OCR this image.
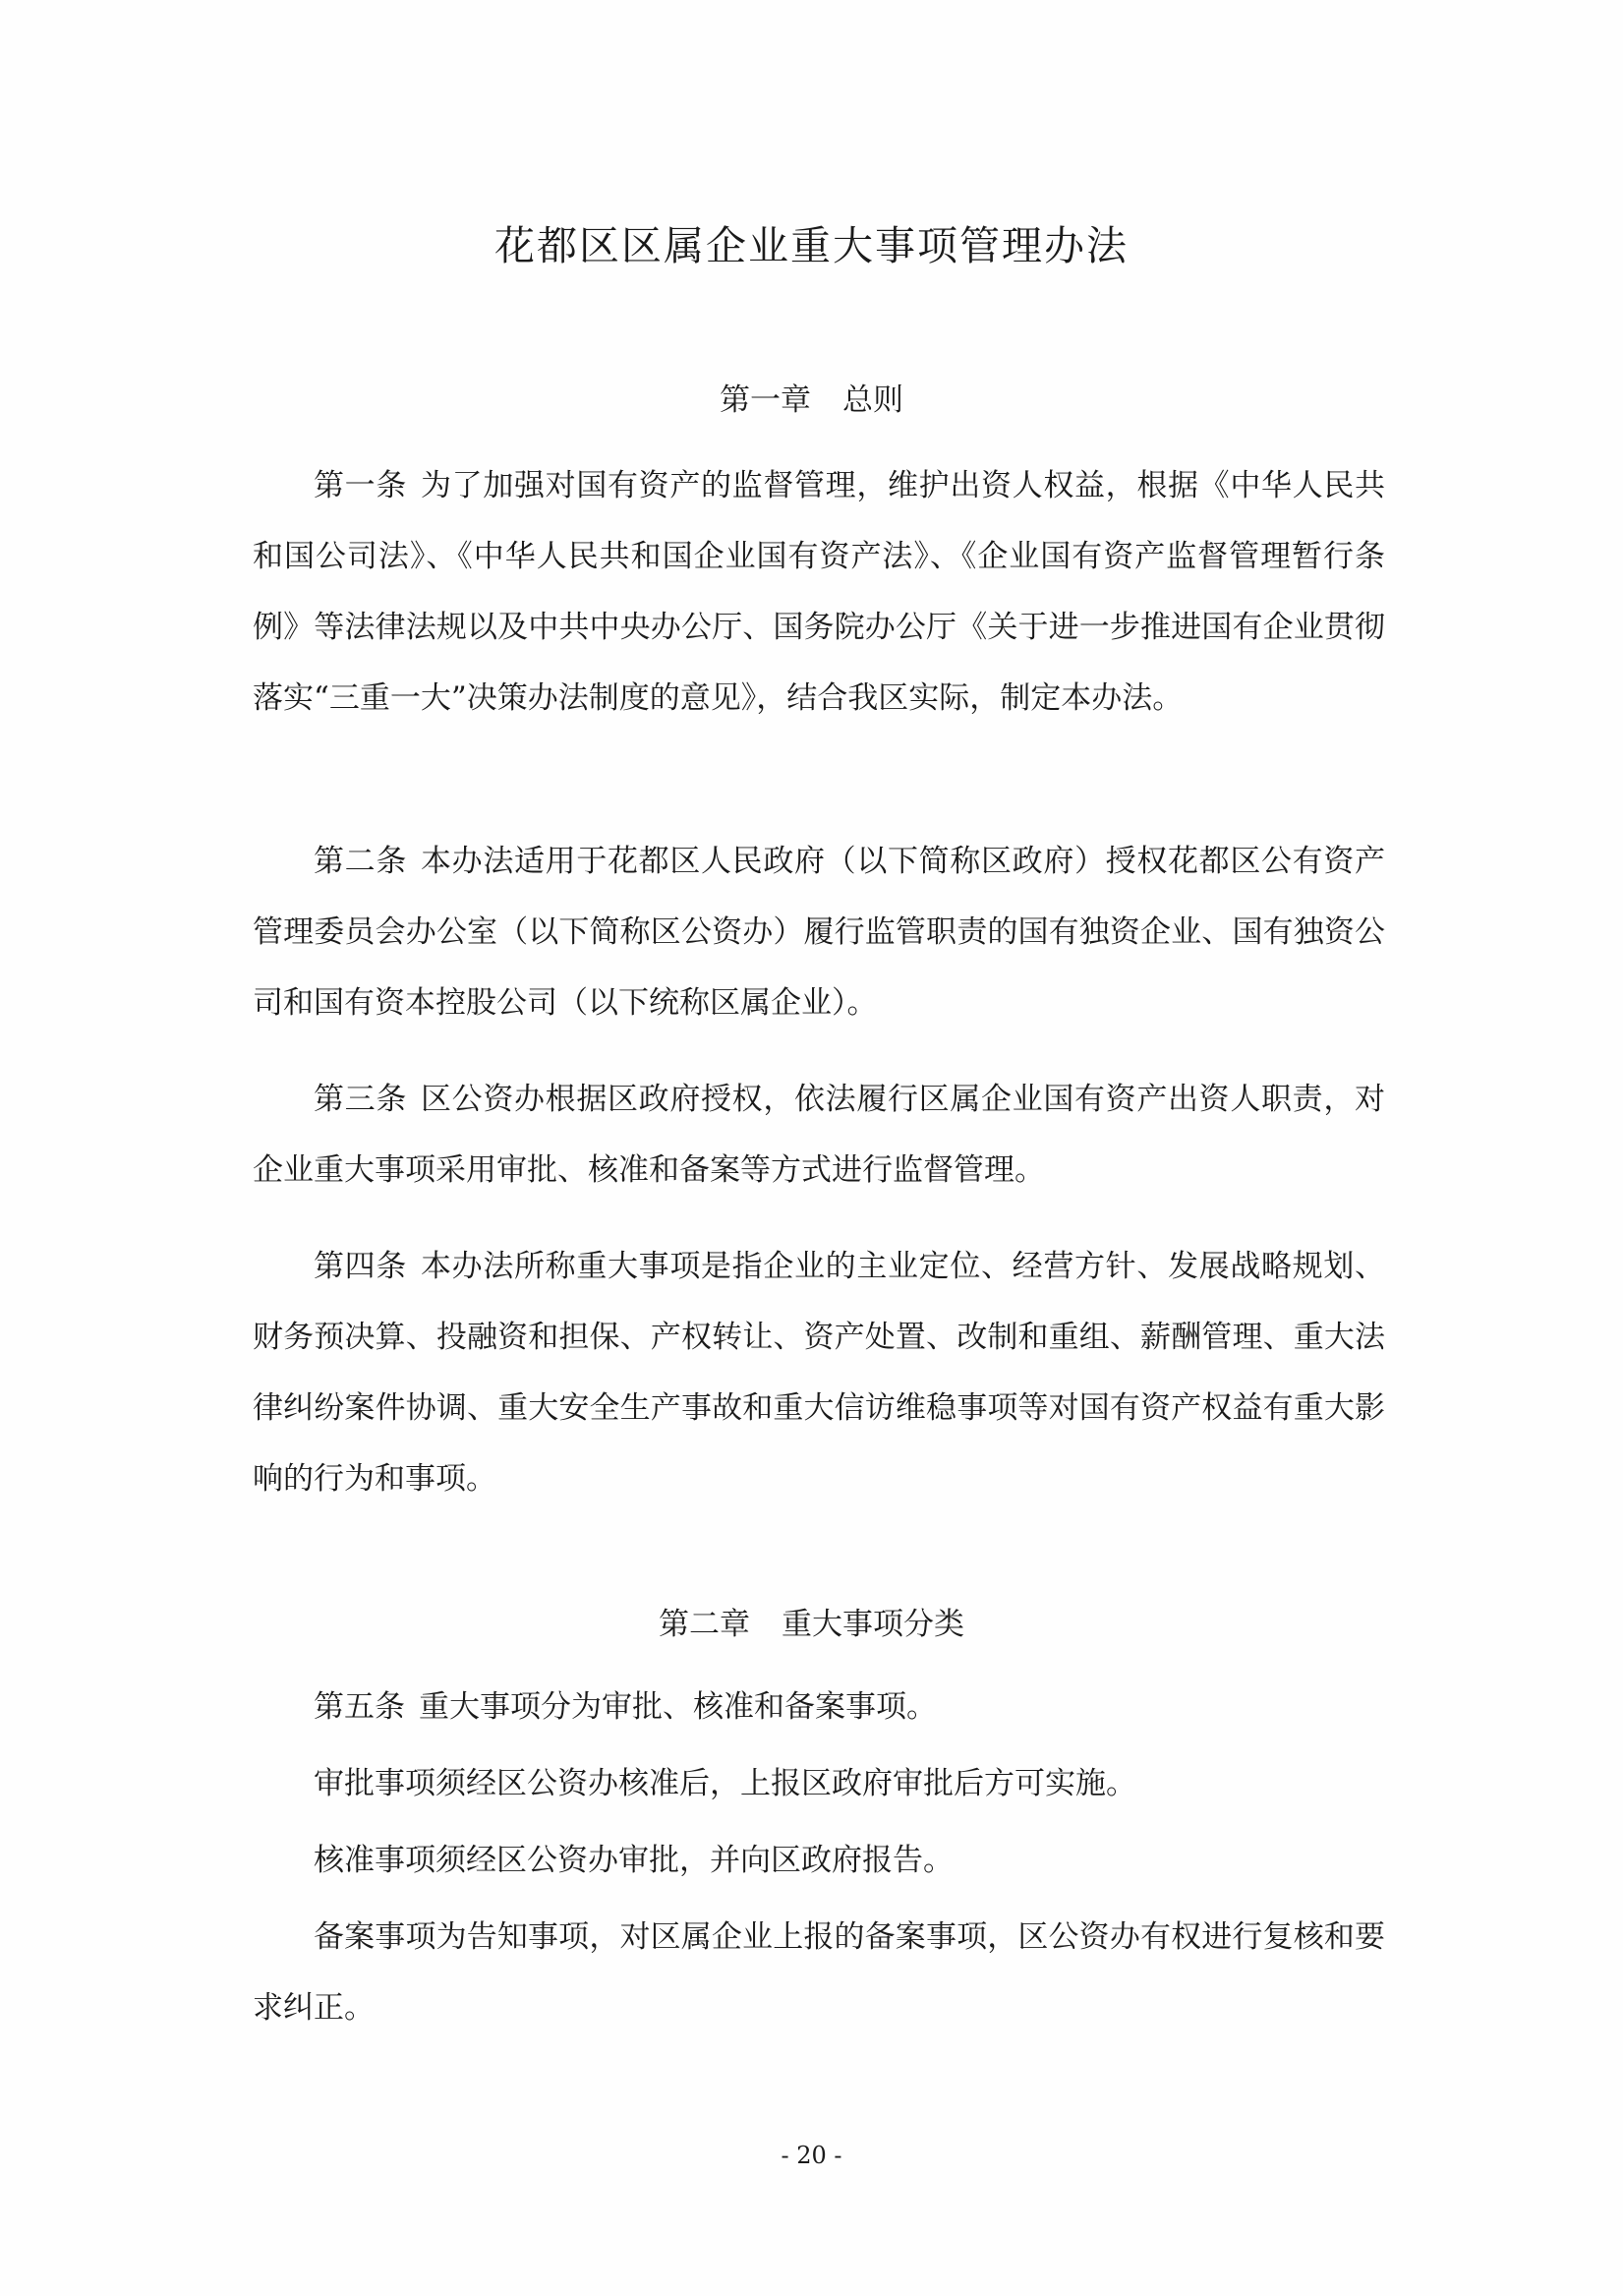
花都区区属企业重大事项管理办法
第一章 总则

第一条 为了加强对国有资产的监督管理，维护出资人权益，根据《中华人民共和国公司法》、《中华人民共和国企业国有资产法》、《企业国有资产监督管理暂行条例》等法律法规以及中共中央办公厅、国务院办公厅《关于进一步推进国有企业贯彻落实“三重一大”决策办法制度的意见》，结合我区实际，制定本办法。

第二条 本办法适用于花都区人民政府（以下简称区政府）授权花都区公有资产管理委员会办公室（以下简称区公资办）履行监管职责的国有独资企业、国有独资公司和国有资本控股公司（以下统称区属企业）。

第三条 区公资办根据区政府授权，依法履行区属企业国有资产出资人职责，对企业重大事项采用审批、核准和备案等方式进行监督管理。

第四条 本办法所称重大事项是指企业的主业定位、经营方针、发展战略规划、财务预决算、投融资和担保、产权转让、资产处置、改制和重组、薪酬管理、重大法律纠纷案件协调、重大安全生产事故和重大信访维稳事项等对国有资产权益有重大影响的行为和事项。

第二章 重大事项分类

第五条 重大事项分为审批、核准和备案事项。

审批事项须经区公资办核准后，上报区政府审批后方可实施。

核准事项须经区公资办审批，并向区政府报告。

备案事项为告知事项，对区属企业上报的备案事项，区公资办有权进行复核和要求纠正。

- 20 -
